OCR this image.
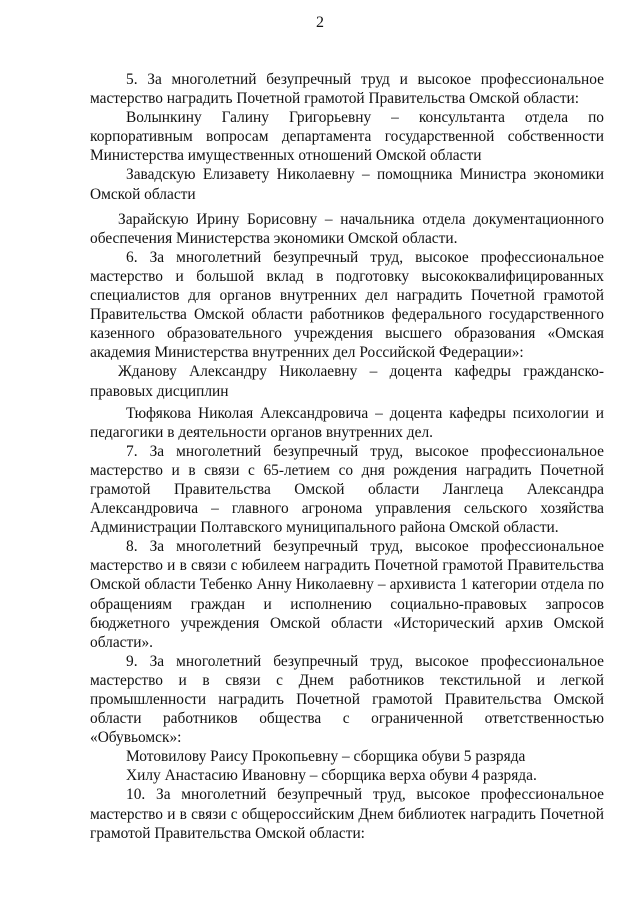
2

5. За многолетний безупречный труд и высокое профессиональное мастерство наградить Почетной грамотой Правительства Омской области:

Волынкину Галину Григорьевну – консультанта отдела по корпоративным вопросам департамента государственной собственности Министерства имущественных отношений Омской области

Завадскую Елизавету Николаевну – помощника Министра экономики Омской области

Зарайскую Ирину Борисовну – начальника отдела документационного обеспечения Министерства экономики Омской области.

6. За многолетний безупречный труд, высокое профессиональное мастерство и большой вклад в подготовку высококвалифицированных специалистов для органов внутренних дел наградить Почетной грамотой Правительства Омской области работников федерального государственного казенного образовательного учреждения высшего образования «Омская академия Министерства внутренних дел Российской Федерации»:

Жданову Александру Николаевну – доцента кафедры гражданско-правовых дисциплин

Тюфякова Николая Александровича – доцента кафедры психологии и педагогики в деятельности органов внутренних дел.

7. За многолетний безупречный труд, высокое профессиональное мастерство и в связи с 65-летием со дня рождения наградить Почетной грамотой Правительства Омской области Ланглеца Александра Александровича – главного агронома управления сельского хозяйства Администрации Полтавского муниципального района Омской области.

8. За многолетний безупречный труд, высокое профессиональное мастерство и в связи с юбилеем наградить Почетной грамотой Правительства Омской области Тебенко Анну Николаевну – архивиста 1 категории отдела по обращениям граждан и исполнению социально-правовых запросов бюджетного учреждения Омской области «Исторический архив Омской области».

9. За многолетний безупречный труд, высокое профессиональное мастерство и в связи с Днем работников текстильной и легкой промышленности наградить Почетной грамотой Правительства Омской области работников общества с ограниченной ответственностью «Обувьомск»:

Мотовилову Раису Прокопьевну – сборщика обуви 5 разряда

Хилу Анастасию Ивановну – сборщика верха обуви 4 разряда.

10. За многолетний безупречный труд, высокое профессиональное мастерство и в связи с общероссийским Днем библиотек наградить Почетной грамотой Правительства Омской области:
